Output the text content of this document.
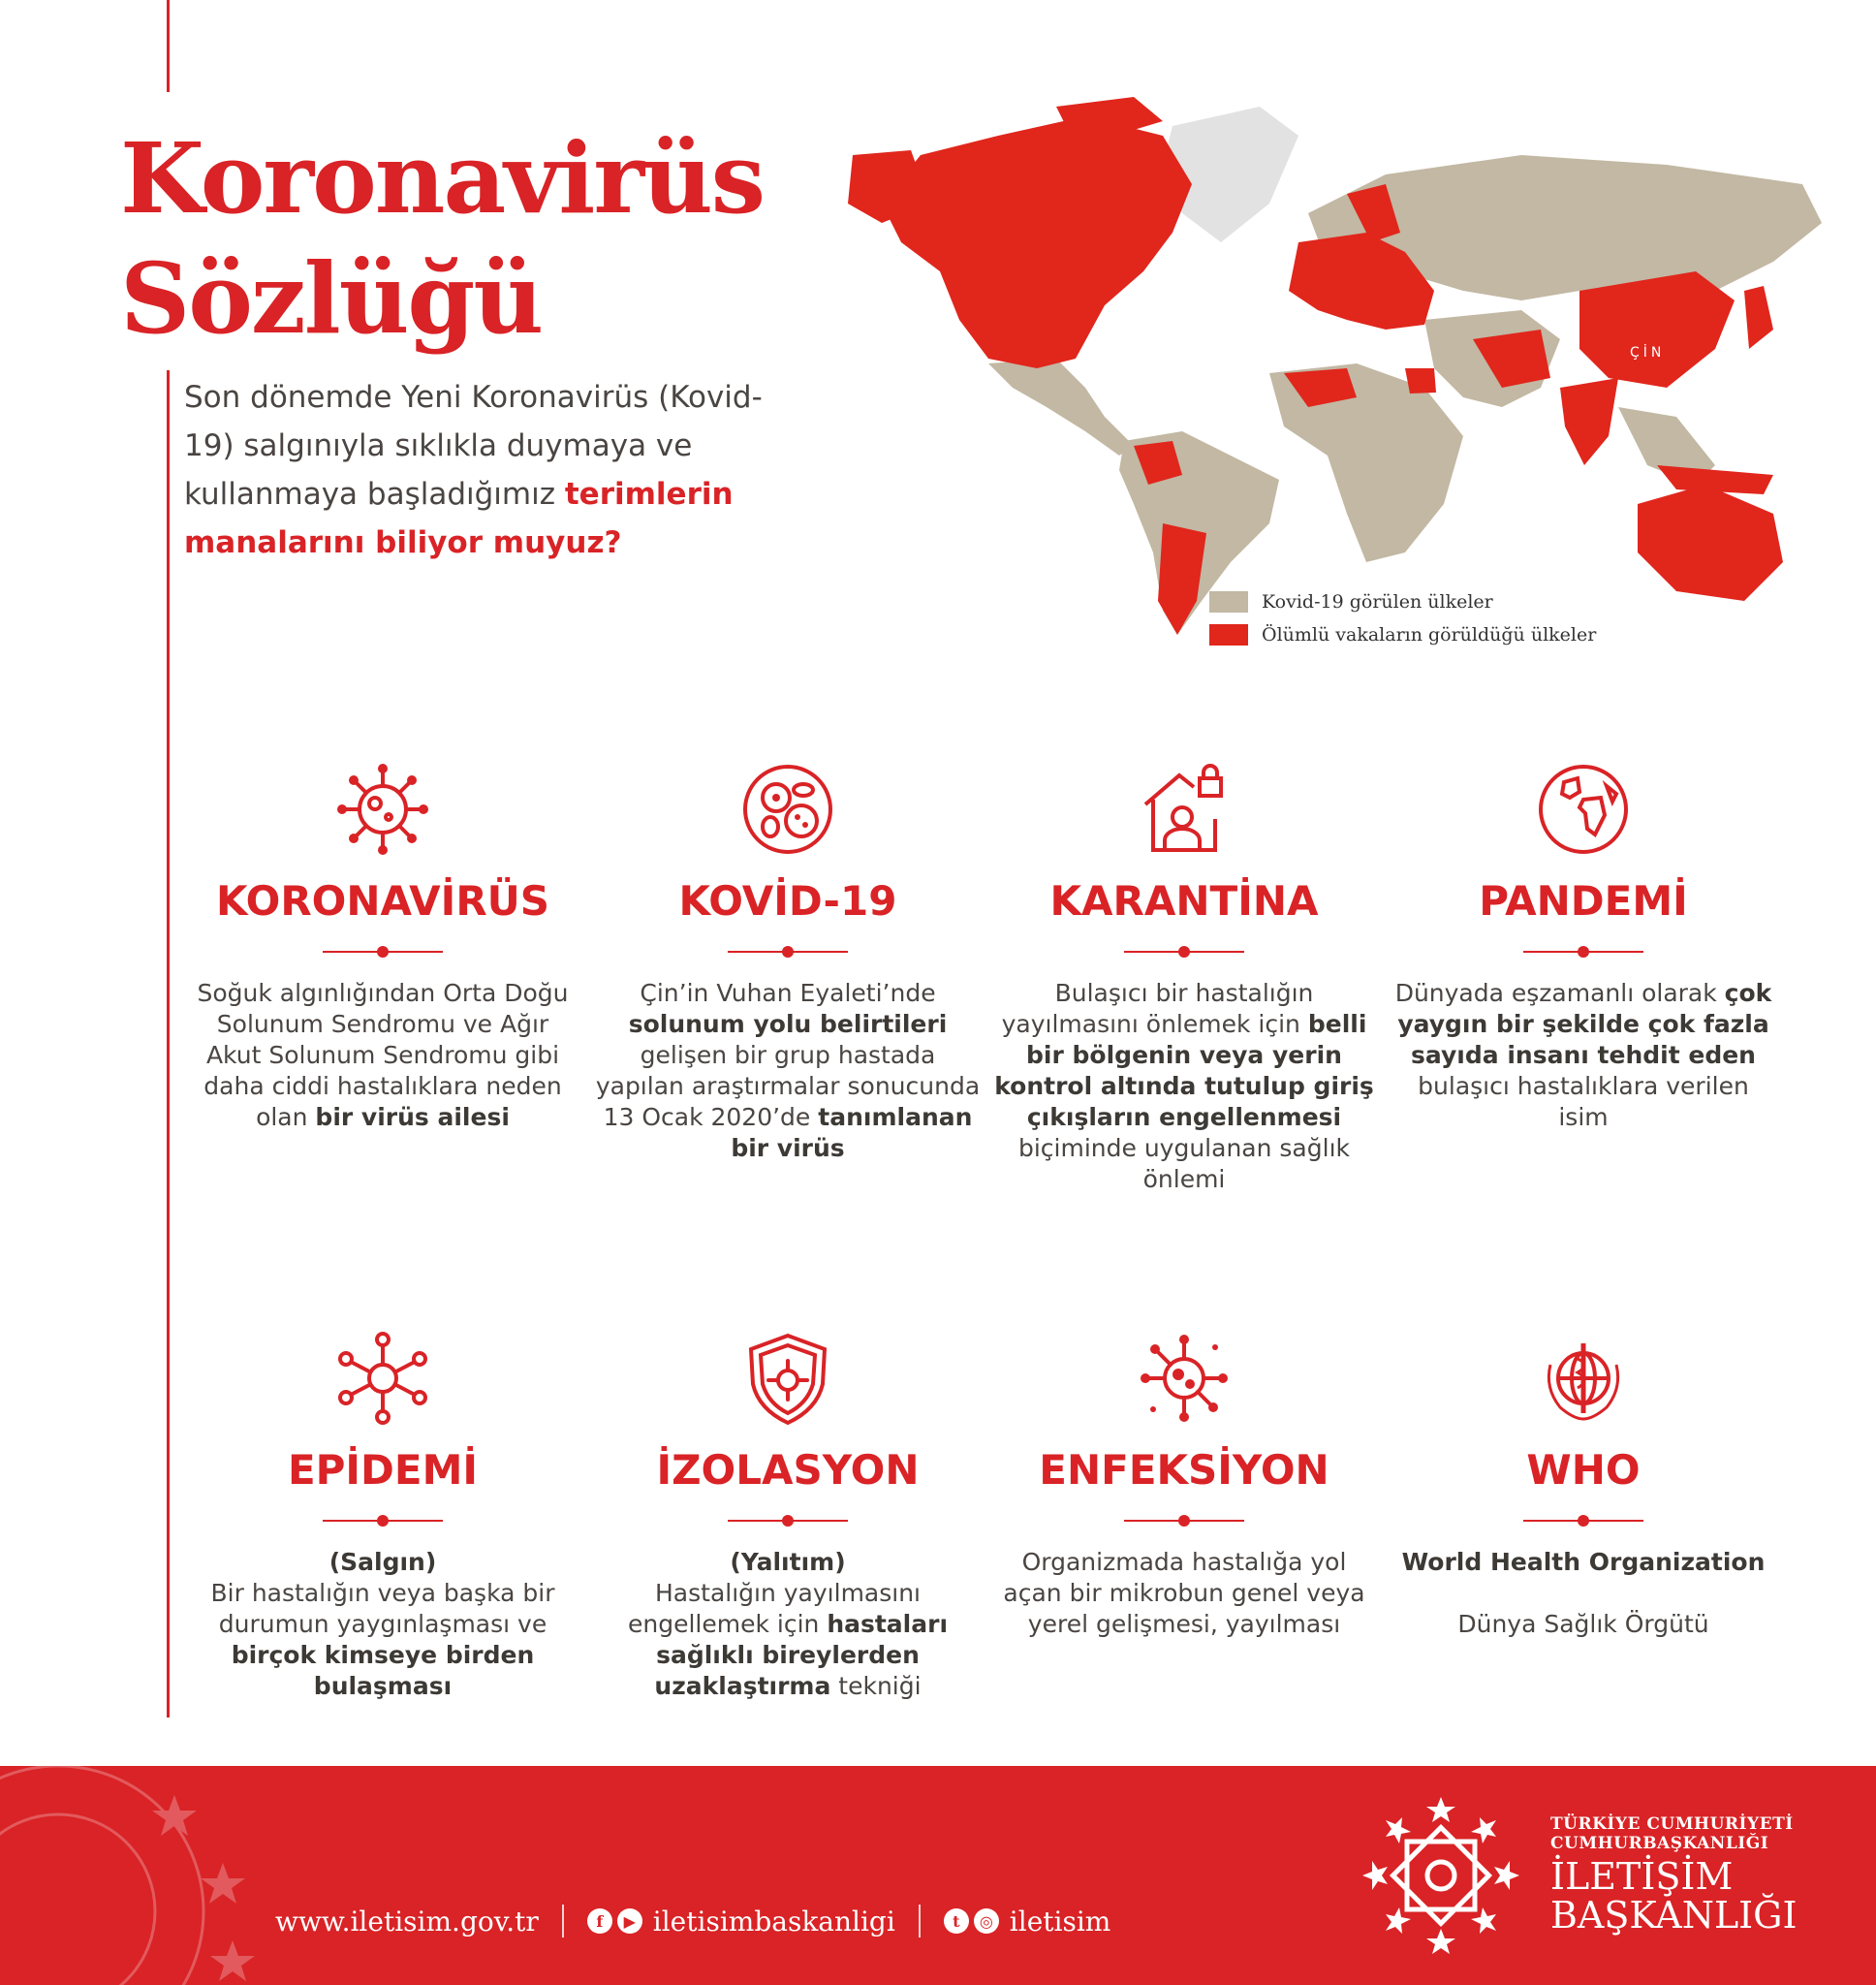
Koronavirüs
Sözlüğü
Son dönemde Yeni Koronavirüs (Kovid-19) salgınıyla sıklıkla duymaya ve kullanmaya başladığımız terimlerin manalarını biliyor muyuz?
ÇİN
Kovid-19 görülen ülkeler
Ölümlü vakaların görüldüğü ülkeler
KORONAVİRÜS
Soğuk algınlığından Orta Doğu Solunum Sendromu ve Ağır Akut Solunum Sendromu gibi daha ciddi hastalıklara neden olan bir virüs ailesi
KOVİD-19
Çin’in Vuhan Eyaleti’nde solunum yolu belirtileri gelişen bir grup hastada yapılan araştırmalar sonucunda 13 Ocak 2020’de tanımlanan bir virüs
KARANTİNA
Bulaşıcı bir hastalığın yayılmasını önlemek için belli bir bölgenin veya yerin kontrol altında tutulup giriş çıkışların engellenmesi biçiminde uygulanan sağlık önlemi
PANDEMİ
Dünyada eşzamanlı olarak çok yaygın bir şekilde çok fazla sayıda insanı tehdit eden bulaşıcı hastalıklara verilen isim
EPİDEMİ
(Salgın)
Bir hastalığın veya başka bir durumun yaygınlaşması ve birçok kimseye birden bulaşması
İZOLASYON
(Yalıtım)
Hastalığın yayılmasını engellemek için hastaları sağlıklı bireylerden uzaklaştırma tekniği
ENFEKSİYON
Organizmada hastalığa yol açan bir mikrobun genel veya yerel gelişmesi, yayılması
WHO
World Health Organization
Dünya Sağlık Örgütü
www.iletisim.gov.tr	f	▶ iletisimbaskanligi	t	◎ iletisim
TÜRKİYE CUMHURİYETİ
CUMHURBAŞKANLIĞI
İLETİŞİM
BAŞKANLIĞI
